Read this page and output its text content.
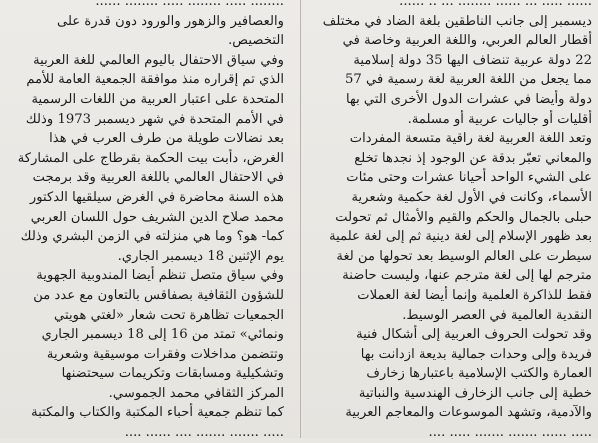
...... ..... ... ...... ........ ... .. ......
ديسمبر إلى جانب الناطقين بلغة الضاد في مختلف
أقطار العالم العربي، واللغة العربية وخاصة في
22 دولة عربية تنضاف اليها 35 دولة إسلامية
مما يجعل من اللغة العربية لغة رسمية في 57
دولة وأيضا في عشرات الدول الأخرى التي بها
أقليات أو جاليات عربية أو مسلمة.
وتعد اللغة العربية لغة راقية متسعة المفردات
والمعاني تعبّر بدقة عن الوجود إذ نجدها تخلع
على الشيء الواحد أحيانا عشرات وحتى مئات
الأسماء، وكانت في الأول لغة حكمية وشعرية
حبلى بالجمال والحكم والقيم والأمثال ثم تحولت
بعد ظهور الإسلام إلى لغة دينية ثم إلى لغة علمية
سيطرت على العالم الوسيط بعد تحولها من لغة
مترجم لها إلى لغة مترجم عنها، وليست حاضنة
فقط للذاكرة العلمية وإنما أيضا لغة العملات
النقدية العالمية في العصر الوسيط.
وقد تحولت الحروف العربية إلى أشكال فنية
فريدة وإلى وحدات جمالية بديعة ازدانت بها
العمارة والكتب الإسلامية باعتبارها زخارف
خطية إلى جانب الزخارف الهندسية والنباتية
والآدمية، وتشهد الموسوعات والمعاجم العربية
..... ...... ....... ....... ..... ....
........ ..... ........ ..... ........ ......
والعصافير والزهور والورود دون قدرة على
التخصيص.
وفي سياق الاحتفال باليوم العالمي للغة العربية
الذي تم إقراره منذ موافقة الجمعية العامة للأمم
المتحدة على اعتبار العربية من اللغات الرسمية
في الأمم المتحدة في شهر ديسمبر 1973 وذلك
بعد نضالات طويلة من طرف العرب في هذا
الغرض، دأبت بيت الحكمة بقرطاج على المشاركة
في الاحتفال العالمي باللغة العربية وقد برمجت
هذه السنة محاضرة في الغرض سيلقيها الدكتور
محمد صلاح الدين الشريف حول اللسان العربي
كما- هو؟ وما هي منزلته في الزمن البشري وذلك
يوم الإثنين 18 ديسمبر الجاري.
وفي سياق متصل تنظم أيضا المندوبية الجهوية
للشؤون الثقافية بصفاقس بالتعاون مع عدد من
الجمعيات تظاهرة تحت شعار «لغتي هويتي
ونمائي» تمتد من 16 إلى 18 ديسمبر الجاري
وتتضمن مداخلات وفقرات موسيقية وشعرية
وتشكيلية ومسابقات وتكريمات سيحتضنها
المركز الثقافي محمد الجموسي.
كما تنظم جمعية أحباء المكتبة والكتاب والمكتبة
..... ....... ....... .... ...... ....
